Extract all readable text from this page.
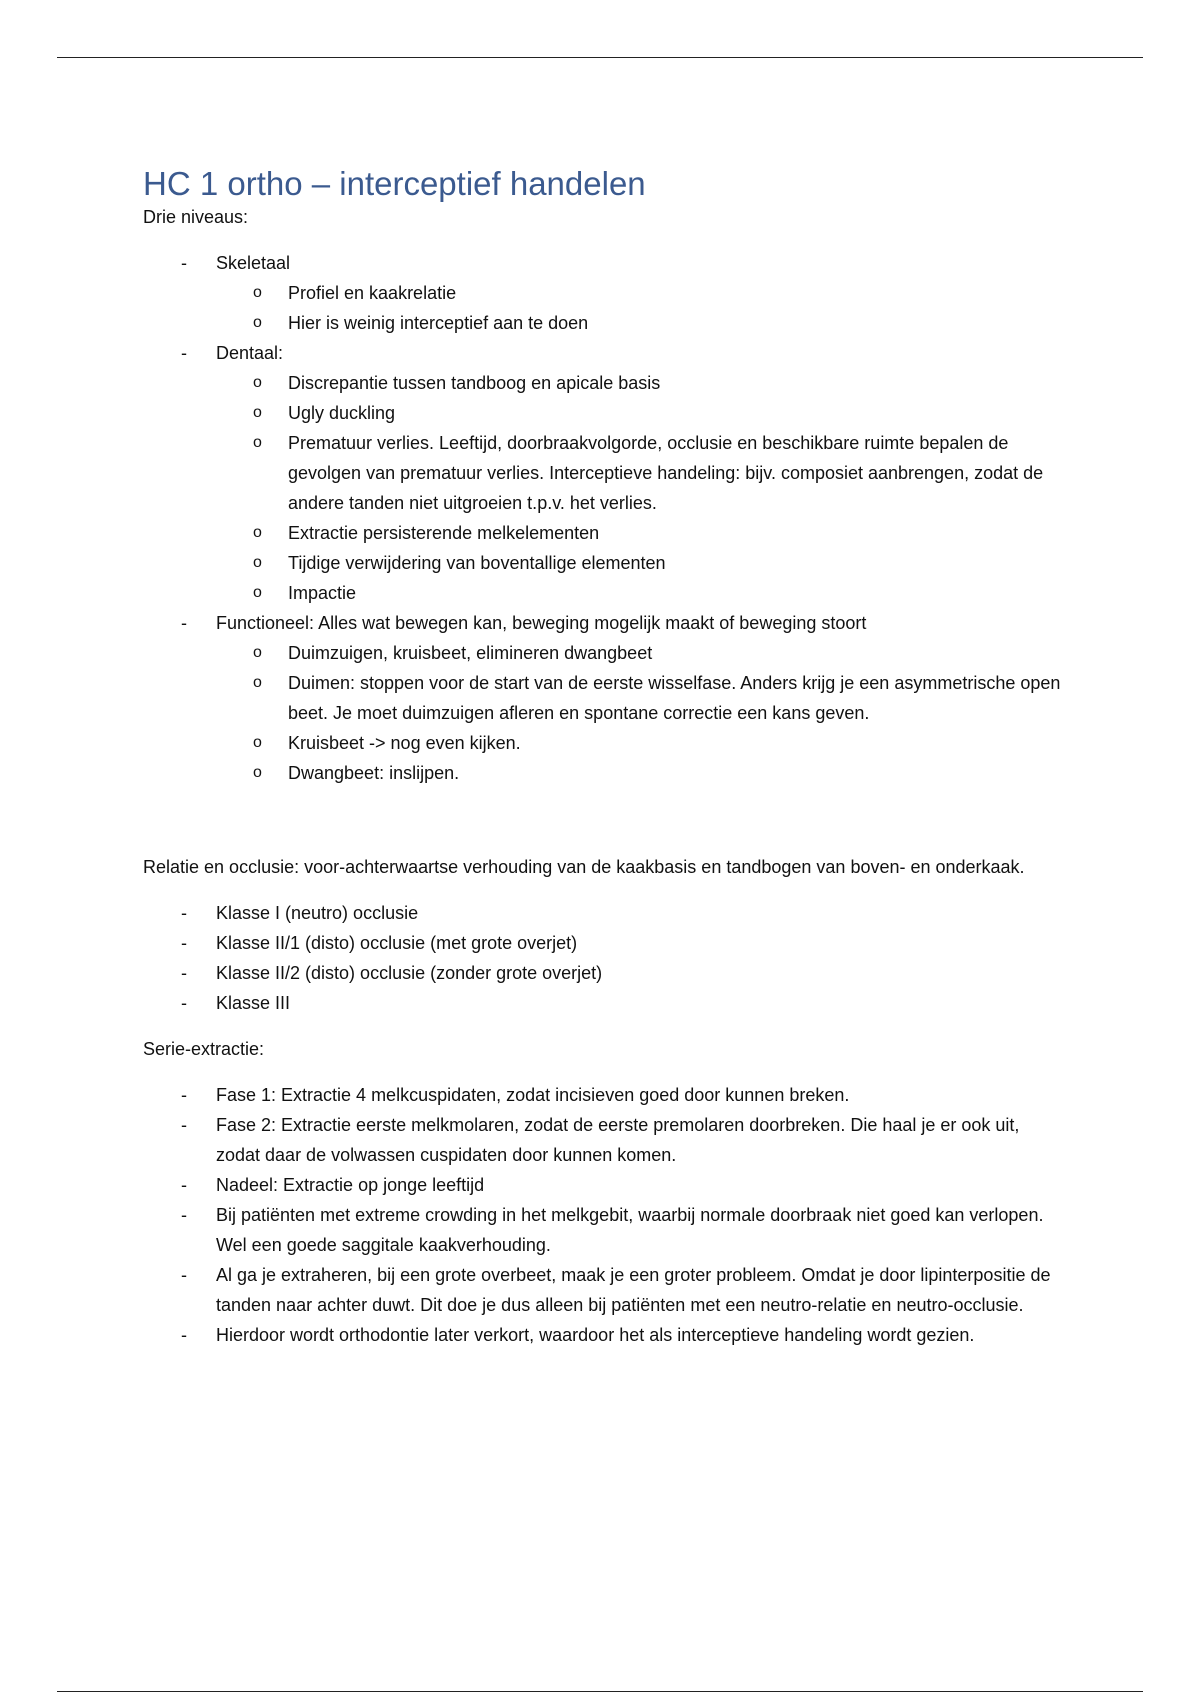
HC 1 ortho – interceptief handelen

Drie niveaus:

-	Skeletaal
o Profiel en kaakrelatie
o Hier is weinig interceptief aan te doen
-	Dentaal:
o Discrepantie tussen tandboog en apicale basis
o Ugly duckling
o Prematuur verlies. Leeftijd, doorbraakvolgorde, occlusie en beschikbare ruimte bepalen de gevolgen van prematuur verlies. Interceptieve handeling: bijv. composiet aanbrengen, zodat de andere tanden niet uitgroeien t.p.v. het verlies.
o Extractie persisterende melkelementen
o Tijdige verwijdering van boventallige elementen
o Impactie
-	Functioneel: Alles wat bewegen kan, beweging mogelijk maakt of beweging stoort
o Duimzuigen, kruisbeet, elimineren dwangbeet
o Duimen: stoppen voor de start van de eerste wisselfase. Anders krijg je een asymmetrische open beet. Je moet duimzuigen afleren en spontane correctie een kans geven.
o Kruisbeet -> nog even kijken.
o Dwangbeet: inslijpen.

Relatie en occlusie: voor-achterwaartse verhouding van de kaakbasis en tandbogen van boven- en onderkaak.

-	Klasse I (neutro) occlusie
-	Klasse II/1 (disto) occlusie (met grote overjet)
-	Klasse II/2 (disto) occlusie (zonder grote overjet)
-	Klasse III

Serie-extractie:

-	Fase 1: Extractie 4 melkcuspidaten, zodat incisieven goed door kunnen breken.
-	Fase 2: Extractie eerste melkmolaren, zodat de eerste premolaren doorbreken. Die haal je er ook uit, zodat daar de volwassen cuspidaten door kunnen komen.
-	Nadeel: Extractie op jonge leeftijd
-	Bij patiënten met extreme crowding in het melkgebit, waarbij normale doorbraak niet goed kan verlopen. Wel een goede saggitale kaakverhouding.
-	Al ga je extraheren, bij een grote overbeet, maak je een groter probleem. Omdat je door lipinterpositie de tanden naar achter duwt. Dit doe je dus alleen bij patiënten met een neutro-relatie en neutro-occlusie.
-	Hierdoor wordt orthodontie later verkort, waardoor het als interceptieve handeling wordt gezien.
